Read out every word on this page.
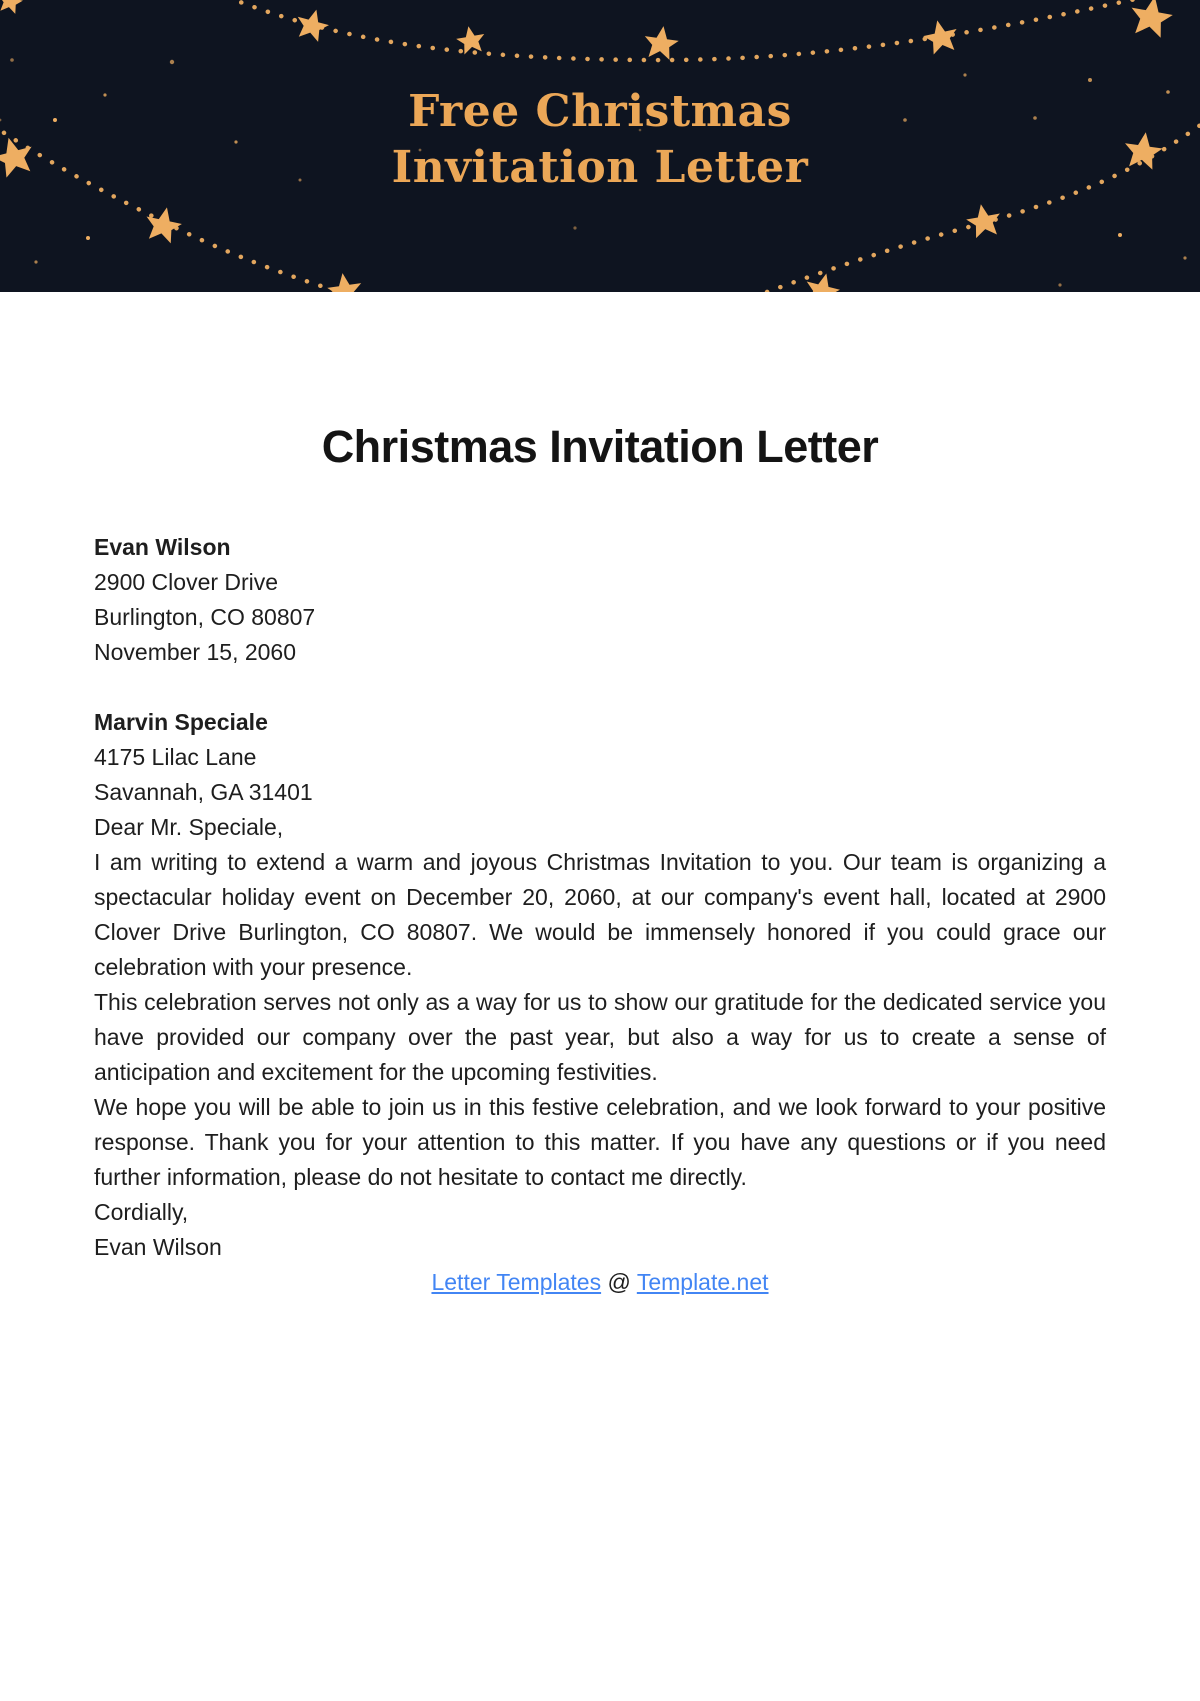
Free Christmas
Invitation Letter
Christmas Invitation Letter

Evan Wilson

2900 Clover Drive

Burlington, CO 80807

November 15, 2060

Marvin Speciale

4175 Lilac Lane

Savannah, GA 31401

Dear Mr. Speciale,

I am writing to extend a warm and joyous Christmas Invitation to you. Our team is organizing a spectacular holiday event on December 20, 2060, at our company's event hall, located at 2900 Clover Drive Burlington, CO 80807. We would be immensely honored if you could grace our celebration with your presence.

This celebration serves not only as a way for us to show our gratitude for the dedicated service you have provided our company over the past year, but also a way for us to create a sense of anticipation and excitement for the upcoming festivities.

We hope you will be able to join us in this festive celebration, and we look forward to your positive response. Thank you for your attention to this matter. If you have any questions or if you need further information, please do not hesitate to contact me directly.

Cordially,

Evan Wilson

Letter Templates @ Template.net
